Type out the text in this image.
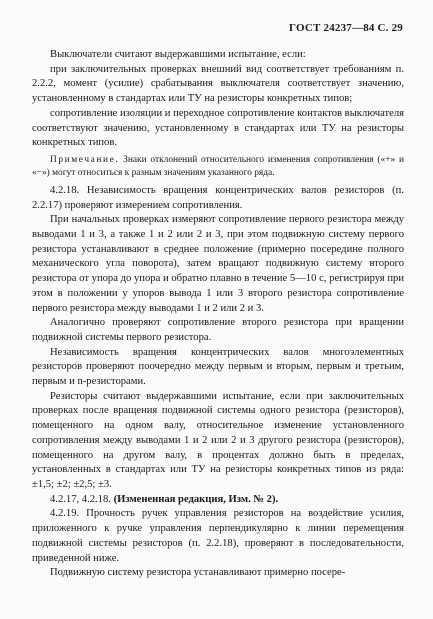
ГОСТ 24237—84 С. 29

Выключатели считают выдержавшими испытание, если:

при заключительных проверках внешний вид соответствует требованиям п. 2.2.2, момент (усилие) срабатывания выключателя соответствует значению, установленному в стандартах или ТУ на резисторы конкретных типов;

сопротивление изоляции и переходное сопротивление контактов выключателя соответствуют значению, установленному в стандартах или ТУ на резисторы конкретных типов.

Примечание. Знаки отклонений относительного изменения сопротивления («+» и «−») могут относиться к разным значениям указанного ряда.

4.2.18. Независимость вращения концентрических валов резисторов (п. 2.2.17) проверяют измерением сопротивления.

При начальных проверках измеряют сопротивление первого резистора между выводами 1 и 3, а также 1 и 2 или 2 и 3, при этом подвижную систему первого резистора устанавливают в среднее положение (примерно посередине полного механического угла поворота), затем вращают подвижную систему второго резистора от упора до упора и обратно плавно в течение 5—10 с, регистрируя при этом в положении у упоров вывода 1 или 3 второго резистора сопротивление первого резистора между выводами 1 и 2 или 2 и 3.

Аналогично проверяют сопротивление второго резистора при вращении подвижной системы первого резистора.

Независимость вращения концентрических валов многоэлементных резисторов проверяют поочередно между первым и вторым, первым и третьим, первым и n-резисторами.

Резисторы считают выдержавшими испытание, если при заключительных проверках после вращения подвижной системы одного резистора (резисторов), помещенного на одном валу, относительное изменение установленного сопротивления между выводами 1 и 2 или 2 и 3 другого резистора (резисторов), помещенного на другом валу, в процентах должно быть в пределах, установленных в стандартах или ТУ на резисторы конкретных типов из ряда: ±1,5; ±2; ±2,5; ±3.

4.2.17, 4.2.18. (Измененная редакция, Изм. № 2).

4.2.19. Прочность ручек управления резисторов на воздействие усилия, приложенного к ручке управления перпендикулярно к линии перемещения подвижной системы резисторов (п. 2.2.18), проверяют в последовательности, приведенной ниже.

Подвижную систему резистора устанавливают примерно посере-
